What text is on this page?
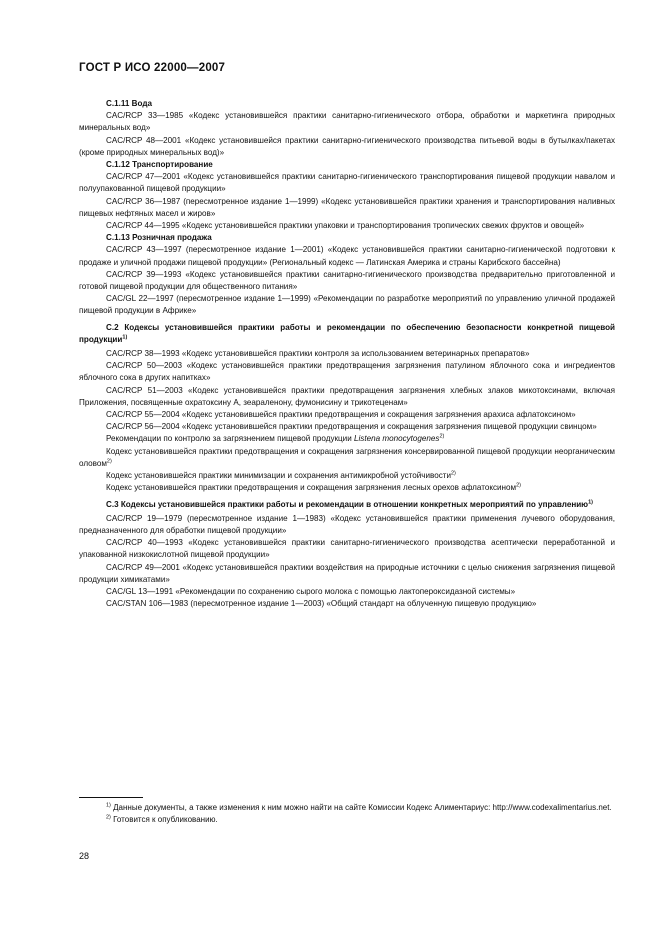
ГОСТ Р ИСО 22000—2007
С.1.11 Вода

CAC/RCP 33—1985 «Кодекс установившейся практики санитарно-гигиенического отбора, обработки и маркетинга природных минеральных вод»

CAC/RCP 48—2001 «Кодекс установившейся практики санитарно-гигиенического производства питьевой воды в бутылках/пакетах (кроме природных минеральных вод)»

С.1.12 Транспортирование

CAC/RCP 47—2001 «Кодекс установившейся практики санитарно-гигиенического транспортирования пищевой продукции навалом и полуупакованной пищевой продукции»

CAC/RCP 36—1987 (пересмотренное издание 1—1999) «Кодекс установившейся практики хранения и транспортирования наливных пищевых нефтяных масел и жиров»

CAC/RCP 44—1995 «Кодекс установившейся практики упаковки и транспортирования тропических свежих фруктов и овощей»

С.1.13 Розничная продажа

CAC/RCP 43—1997 (пересмотренное издание 1—2001) «Кодекс установившейся практики санитарно-гигиенической подготовки к продаже и уличной продажи пищевой продукции» (Региональный кодекс — Латинская Америка и страны Карибского бассейна)

CAC/RCP 39—1993 «Кодекс установившейся практики санитарно-гигиенического производства предварительно приготовленной и готовой пищевой продукции для общественного питания»

CAC/GL 22—1997 (пересмотренное издание 1—1999) «Рекомендации по разработке мероприятий по управлению уличной продажей пищевой продукции в Африке»

С.2 Кодексы установившейся практики работы и рекомендации по обеспечению безопасности конкретной пищевой продукции$^{1)}$

CAC/RCP 38—1993 «Кодекс установившейся практики контроля за использованием ветеринарных препаратов»

CAC/RCP 50—2003 «Кодекс установившейся практики предотвращения загрязнения патулином яблочного сока и ингредиентов яблочного сока в других напитках»

CAC/RCP 51—2003 «Кодекс установившейся практики предотвращения загрязнения хлебных злаков микотоксинами, включая Приложения, посвященные охратоксину А, зеараленону, фумонисину и трикотеценам»

CAC/RCP 55—2004 «Кодекс установившейся практики предотвращения и сокращения загрязнения арахиса афлатоксином»

CAC/RCP 56—2004 «Кодекс установившейся практики предотвращения и сокращения загрязнения пищевой продукции свинцом»

Рекомендации по контролю за загрязнением пищевой продукции Listena monocytogenes$^{2)}$

Кодекс установившейся практики предотвращения и сокращения загрязнения консервированной пищевой продукции неорганическим оловом$^{2)}$

Кодекс установившейся практики минимизации и сохранения антимикробной устойчивости$^{2)}$

Кодекс установившейся практики предотвращения и сокращения загрязнения лесных орехов афлатоксином$^{2)}$

С.3 Кодексы установившейся практики работы и рекомендации в отношении конкретных мероприятий по управлению$^{1)}$

CAC/RCP 19—1979 (пересмотренное издание 1—1983) «Кодекс установившейся практики применения лучевого оборудования, предназначенного для обработки пищевой продукции»

CAC/RCP 40—1993 «Кодекс установившейся практики санитарно-гигиенического производства асептически переработанной и упакованной низкокислотной пищевой продукции»

CAC/RCP 49—2001 «Кодекс установившейся практики воздействия на природные источники с целью снижения загрязнения пищевой продукции химикатами»

CAC/GL 13—1991 «Рекомендации по сохранению сырого молока с помощью лактопероксидазной системы»

CAC/STAN 106—1983 (пересмотренное издание 1—2003) «Общий стандарт на облученную пищевую продукцию»

$^{1)}$ Данные документы, а также изменения к ним можно найти на сайте Комиссии Кодекс Алиментариус: http://www.codexalimentarius.net.

$^{2)}$ Готовится к опубликованию.

28
